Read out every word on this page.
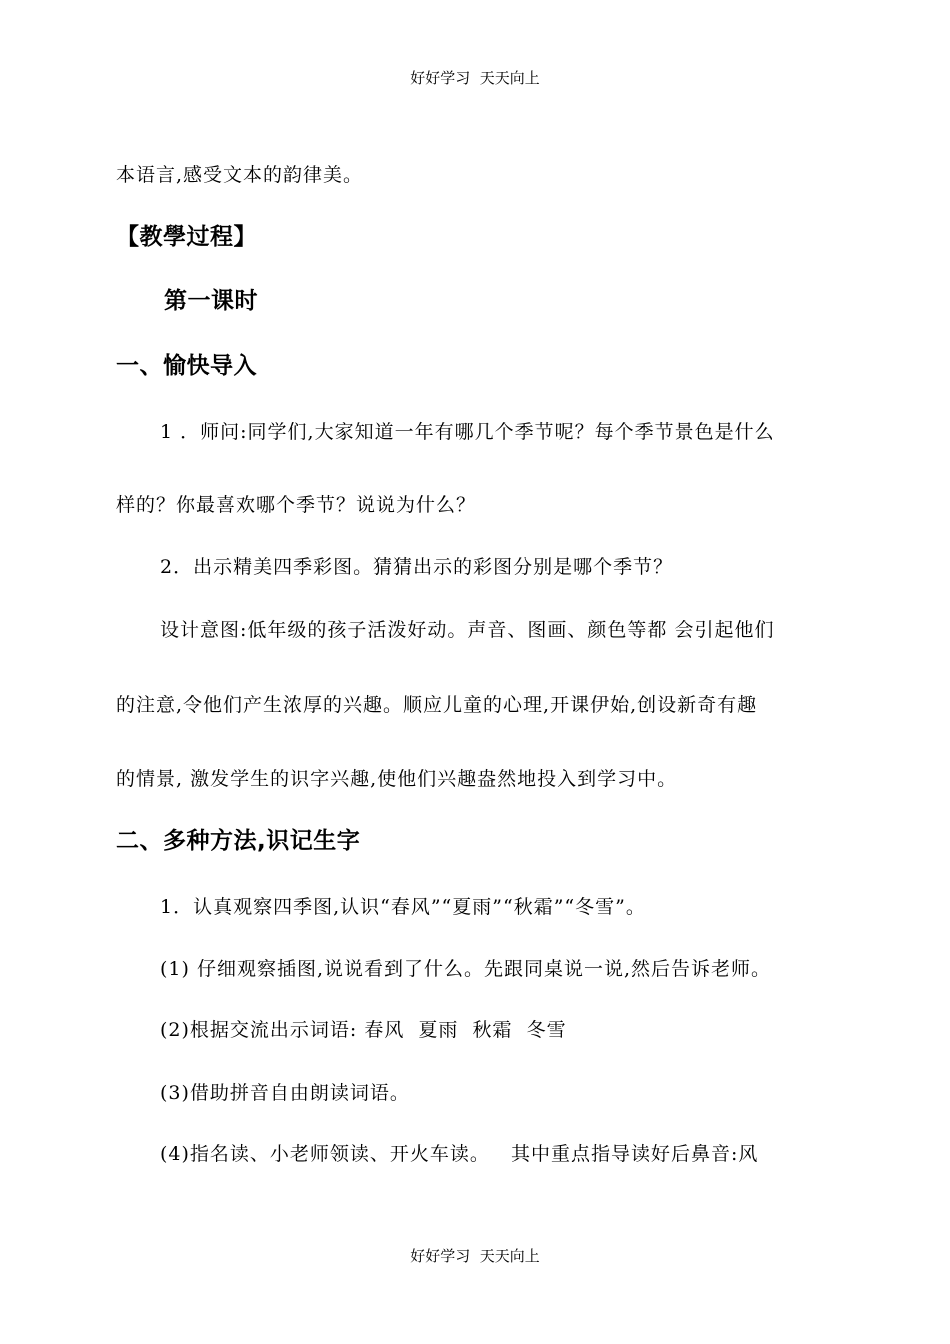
好好学习  天天向上
本语言,感受文本的韵律美。
【教學过程】
第一课时
一、愉快导入
1 ．师问:同学们,大家知道一年有哪几个季节呢？每个季节景色是什么
样的？你最喜欢哪个季节？说说为什么？
2．出示精美四季彩图。猜猜出示的彩图分别是哪个季节？
设计意图:低年级的孩子活泼好动。声音、图画、颜色等都 会引起他们
的注意,令他们产生浓厚的兴趣。顺应儿童的心理,开课伊始,创设新奇有趣
的情景, 激发学生的识字兴趣,使他们兴趣盎然地投入到学习中。
二、多种方法,识记生字
1．认真观察四季图,认识“春风”“夏雨”“秋霜”“冬雪”。
(1) 仔细观察插图,说说看到了什么。先跟同桌说一说,然后告诉老师。
(2)根据交流出示词语: 春风  夏雨  秋霜  冬雪
(3)借助拼音自由朗读词语。
(4)指名读、小老师领读、开火车读。   其中重点指导读好后鼻音:风
好好学习  天天向上
